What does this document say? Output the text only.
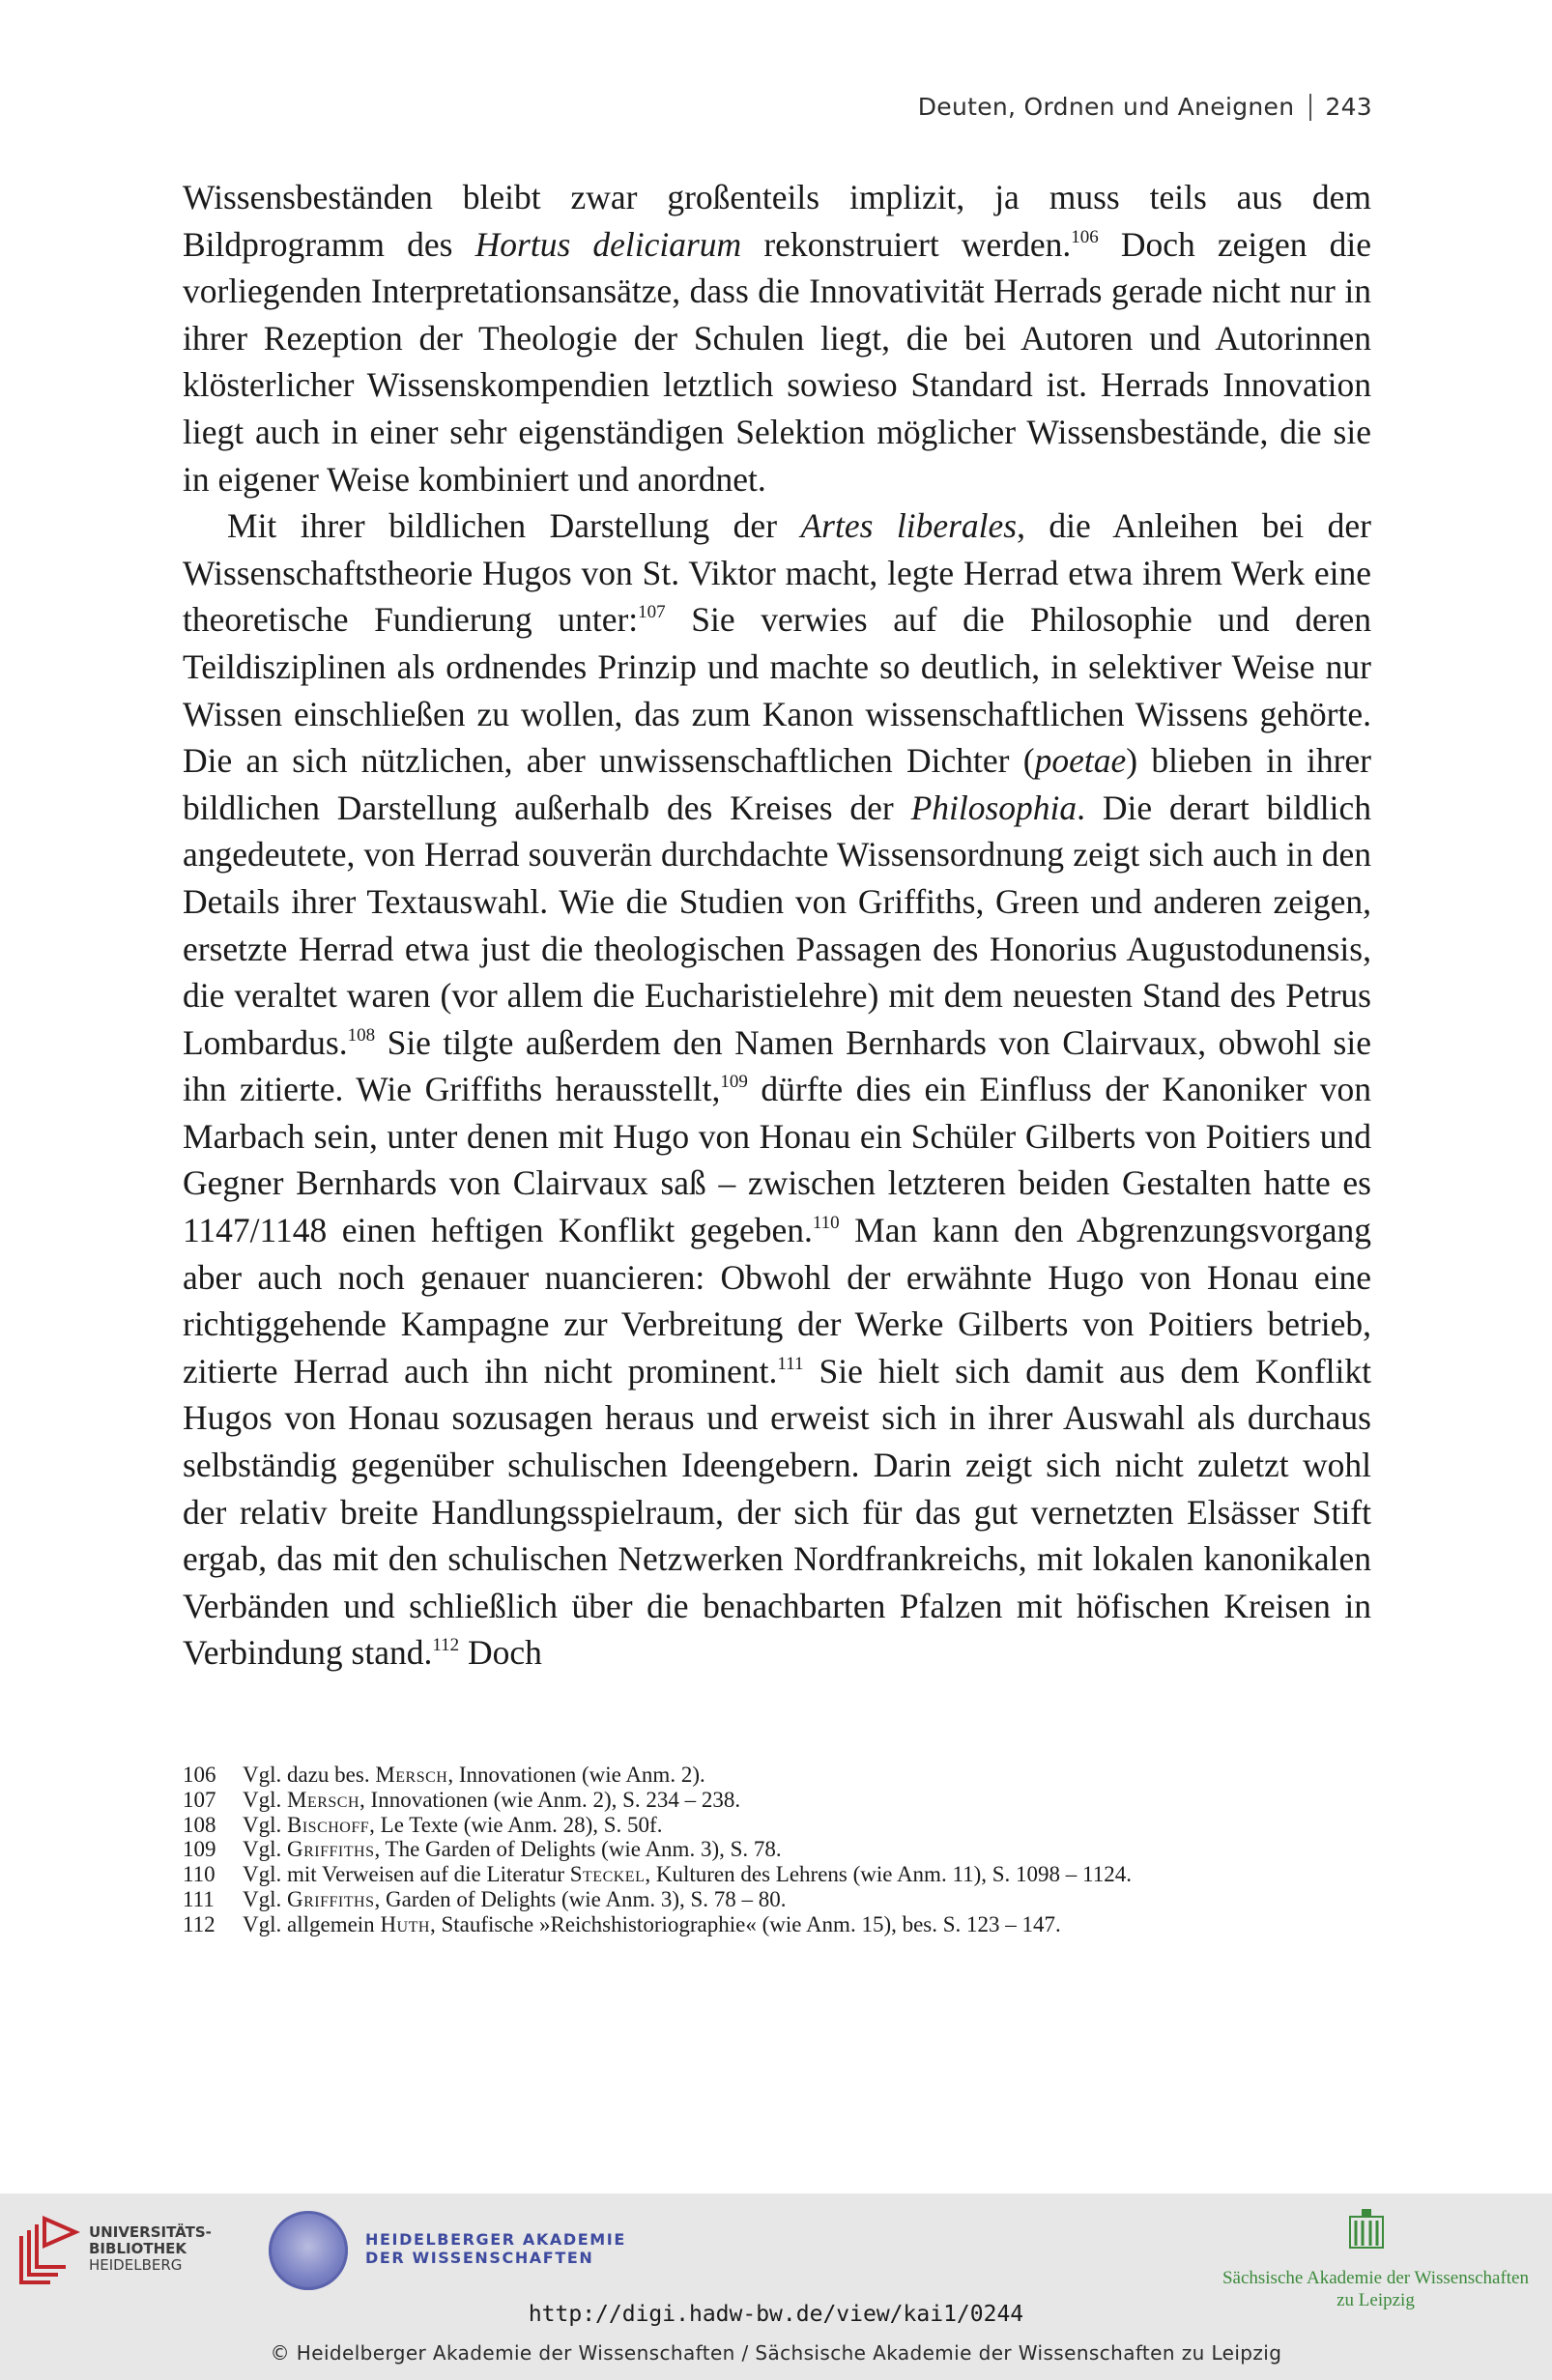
Deuten, Ordnen und Aneignen 243

Wissensbeständen bleibt zwar großenteils implizit, ja muss teils aus dem Bildprogramm des Hortus deliciarum rekonstruiert werden.$^{106}$ Doch zeigen die vorliegenden Interpretationsansätze, dass die Innovativität Herrads gerade nicht nur in ihrer Rezeption der Theologie der Schulen liegt, die bei Autoren und Autorinnen klösterlicher Wissenskompendien letztlich sowieso Standard ist. Herrads Innovation liegt auch in einer sehr eigenständigen Selektion möglicher Wissensbestände, die sie in eigener Weise kombiniert und anordnet.

Mit ihrer bildlichen Darstellung der Artes liberales, die Anleihen bei der Wissenschaftstheorie Hugos von St. Viktor macht, legte Herrad etwa ihrem Werk eine theoretische Fundierung unter:$^{107}$ Sie verwies auf die Philosophie und deren Teildisziplinen als ordnendes Prinzip und machte so deutlich, in selektiver Weise nur Wissen einschließen zu wollen, das zum Kanon wissenschaftlichen Wissens gehörte. Die an sich nützlichen, aber unwissenschaftlichen Dichter (poetae) blieben in ihrer bildlichen Darstellung außerhalb des Kreises der Philosophia. Die derart bildlich angedeutete, von Herrad souverän durchdachte Wissensordnung zeigt sich auch in den Details ihrer Textauswahl. Wie die Studien von Griffiths, Green und anderen zeigen, ersetzte Herrad etwa just die theologischen Passagen des Honorius Augustodunensis, die veraltet waren (vor allem die Eucharistielehre) mit dem neuesten Stand des Petrus Lombardus.$^{108}$ Sie tilgte außerdem den Namen Bernhards von Clairvaux, obwohl sie ihn zitierte. Wie Griffiths herausstellt,$^{109}$ dürfte dies ein Einfluss der Kanoniker von Marbach sein, unter denen mit Hugo von Honau ein Schüler Gilberts von Poitiers und Gegner Bernhards von Clairvaux saß – zwischen letzteren beiden Gestalten hatte es 1147/1148 einen heftigen Konflikt gegeben.$^{110}$ Man kann den Abgrenzungsvorgang aber auch noch genauer nuancieren: Obwohl der erwähnte Hugo von Honau eine richtiggehende Kampagne zur Verbreitung der Werke Gilberts von Poitiers betrieb, zitierte Herrad auch ihn nicht prominent.$^{111}$ Sie hielt sich damit aus dem Konflikt Hugos von Honau sozusagen heraus und erweist sich in ihrer Auswahl als durchaus selbständig gegenüber schulischen Ideengebern. Darin zeigt sich nicht zuletzt wohl der relativ breite Handlungsspielraum, der sich für das gut vernetzten Elsässer Stift ergab, das mit den schulischen Netzwerken Nordfrankreichs, mit lokalen kanonikalen Verbänden und schließlich über die benachbarten Pfalzen mit höfischen Kreisen in Verbindung stand.$^{112}$ Doch

106	Vgl. dazu bes. Mersch, Innovationen (wie Anm. 2).
107	Vgl. Mersch, Innovationen (wie Anm. 2), S. 234 – 238.
108	Vgl. Bischoff, Le Texte (wie Anm. 28), S. 50f.
109	Vgl. Griffiths, The Garden of Delights (wie Anm. 3), S. 78.
110	Vgl. mit Verweisen auf die Literatur Steckel, Kulturen des Lehrens (wie Anm. 11), S. 1098 – 1124.
111	Vgl. Griffiths, Garden of Delights (wie Anm. 3), S. 78 – 80.
112	Vgl. allgemein Huth, Staufische »Reichshistoriographie« (wie Anm. 15), bes. S. 123 – 147.
UNIVERSITÄTS-
BIBLIOTHEK
HEIDELBERG
HEIDELBERGER AKADEMIE
DER WISSENSCHAFTEN
Sächsische Akademie der Wissenschaften
zu Leipzig
http://digi.hadw-bw.de/view/kai1/0244
© Heidelberger Akademie der Wissenschaften / Sächsische Akademie der Wissenschaften zu Leipzig
